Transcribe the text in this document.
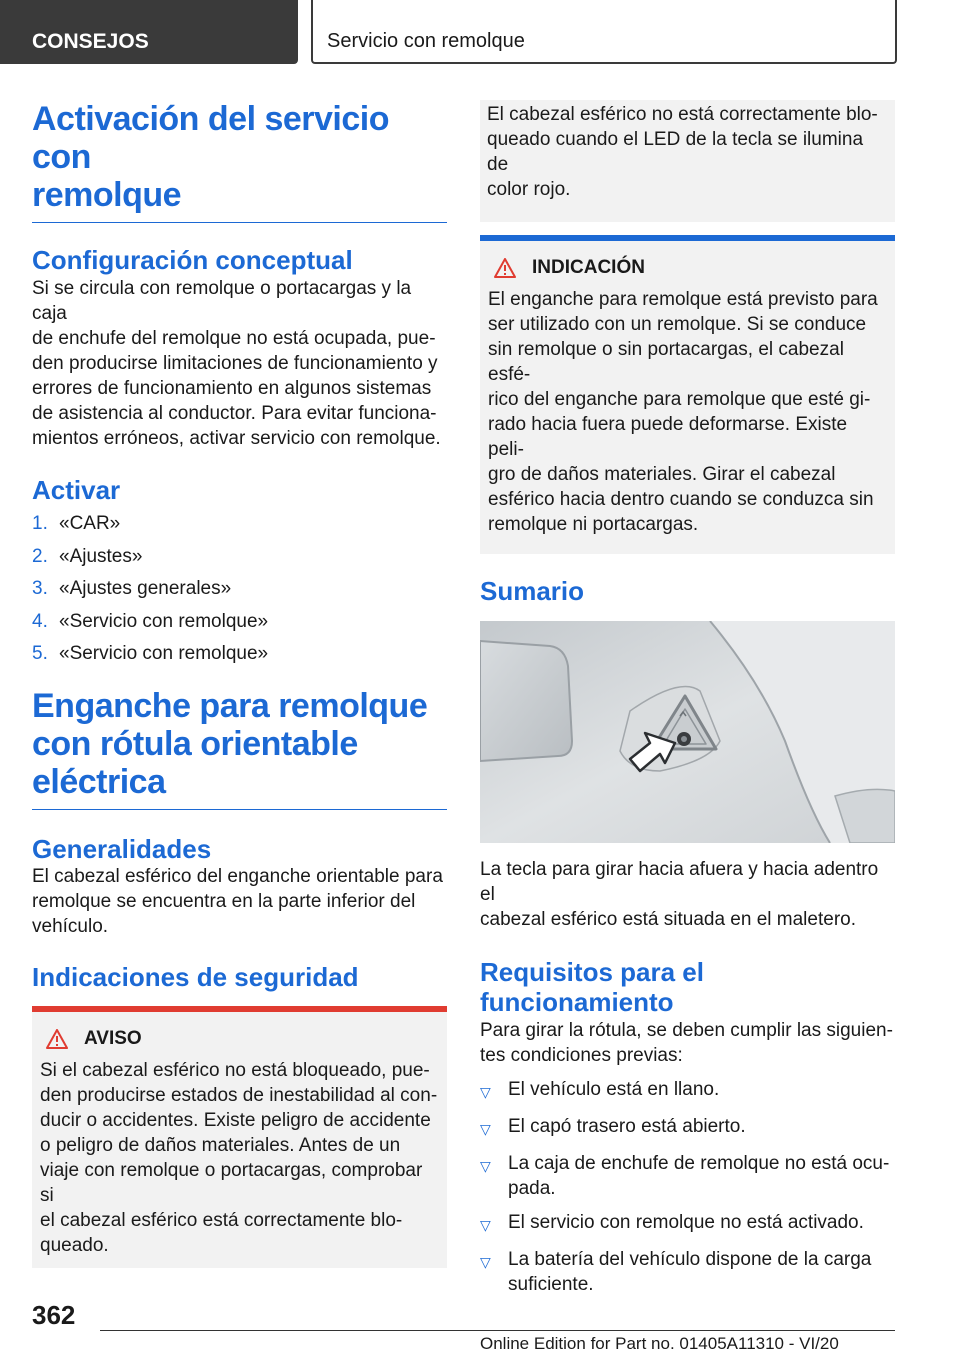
CONSEJOS	Servicio con remolque
Activación del servicio con
remolque
Configuración conceptual

Si se circula con remolque o portacargas y la caja

de enchufe del remolque no está ocupada, pue‐

den producirse limitaciones de funcionamiento y

errores de funcionamiento en algunos sistemas

de asistencia al conductor. Para evitar funciona‐

mientos erróneos, activar servicio con remolque.

Activar
1. «CAR»
2. «Ajustes»
3. «Ajustes generales»
4. «Servicio con remolque»
5. «Servicio con remolque»
Enganche para remolque
con rótula orientable
eléctrica
Generalidades

El cabezal esférico del enganche orientable para

remolque se encuentra en la parte inferior del

vehículo.

Indicaciones de seguridad
AVISO

Si el cabezal esférico no está bloqueado, pue‐

den producirse estados de inestabilidad al con‐

ducir o accidentes. Existe peligro de accidente

o peligro de daños materiales. Antes de un

viaje con remolque o portacargas, comprobar si

el cabezal esférico está correctamente blo‐

queado.

El cabezal esférico no está correctamente blo‐

queado cuando el LED de la tecla se ilumina de

color rojo.

INDICACIÓN

El enganche para remolque está previsto para

ser utilizado con un remolque. Si se conduce

sin remolque o sin portacargas, el cabezal esfé‐

rico del enganche para remolque que esté gi‐

rado hacia fuera puede deformarse. Existe peli‐

gro de daños materiales. Girar el cabezal

esférico hacia dentro cuando se conduzca sin

remolque ni portacargas.

Sumario

La tecla para girar hacia afuera y hacia adentro el

cabezal esférico está situada en el maletero.

Requisitos para el
funcionamiento

Para girar la rótula, se deben cumplir las siguien‐

tes condiciones previas:

▽ El vehículo está en llano.

▽ El capó trasero está abierto.

▽ La caja de enchufe de remolque no está ocu‐

pada.

▽ El servicio con remolque no está activado.

▽ La batería del vehículo dispone de la carga

suficiente.

362
Online Edition for Part no. 01405A11310 - VI/20
